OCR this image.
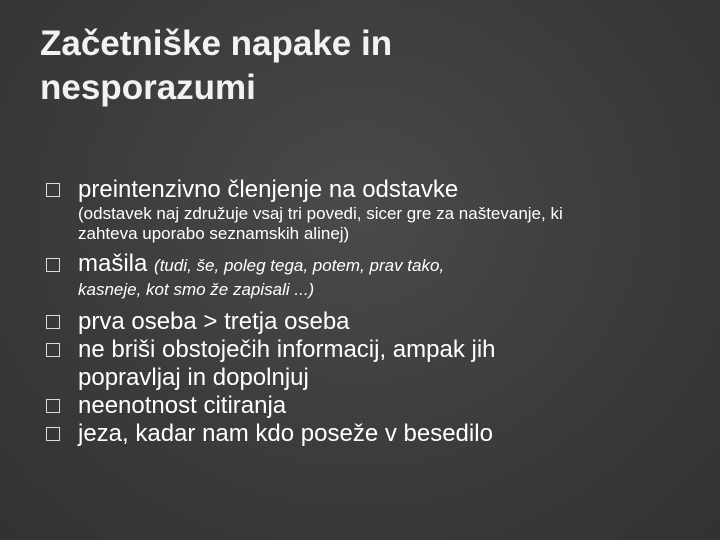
Začetniške napake in
nesporazumi
preintenzivno členjenje na odstavke
(odstavek naj združuje vsaj tri povedi, sicer gre za naštevanje, ki zahteva uporabo seznamskih alinej)
mašila (tudi, še, poleg tega, potem, prav tako,
kasneje, kot smo že zapisali ...)
prva oseba > tretja oseba
ne briši obstoječih informacij, ampak jih popravljaj in dopolnjuj
neenotnost citiranja
jeza, kadar nam kdo poseže v besedilo
